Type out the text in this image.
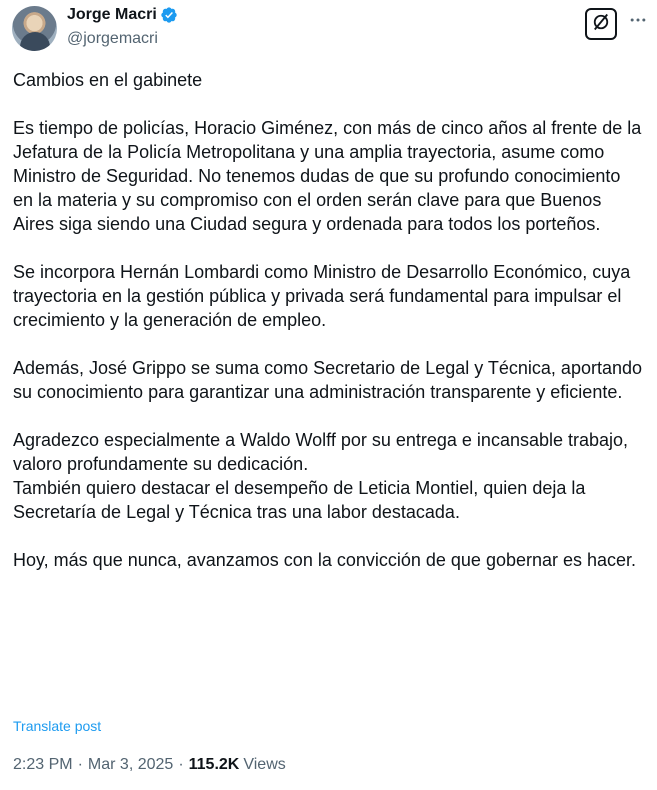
Jorge Macri
@jorgemacri

Cambios en el gabinete

Es tiempo de policías, Horacio Giménez, con más de cinco años al frente de la Jefatura de la Policía Metropolitana y una amplia trayectoria, asume como Ministro de Seguridad. No tenemos dudas de que su profundo conocimiento en la materia y su compromiso con el orden serán clave para que Buenos Aires siga siendo una Ciudad segura y ordenada para todos los porteños.

Se incorpora Hernán Lombardi como Ministro de Desarrollo Económico, cuya trayectoria en la gestión pública y privada será fundamental para impulsar el crecimiento y la generación de empleo.

Además, José Grippo se suma como Secretario de Legal y Técnica, aportando su conocimiento para garantizar una administración transparente y eficiente.

Agradezco especialmente a Waldo Wolff por su entrega e incansable trabajo, valoro profundamente su dedicación.

También quiero destacar el desempeño de Leticia Montiel, quien deja la Secretaría de Legal y Técnica tras una labor destacada.

Hoy, más que nunca, avanzamos con la convicción de que gobernar es hacer.

Translate post
2:23 PM · Mar 3, 2025 · 115.2K Views
